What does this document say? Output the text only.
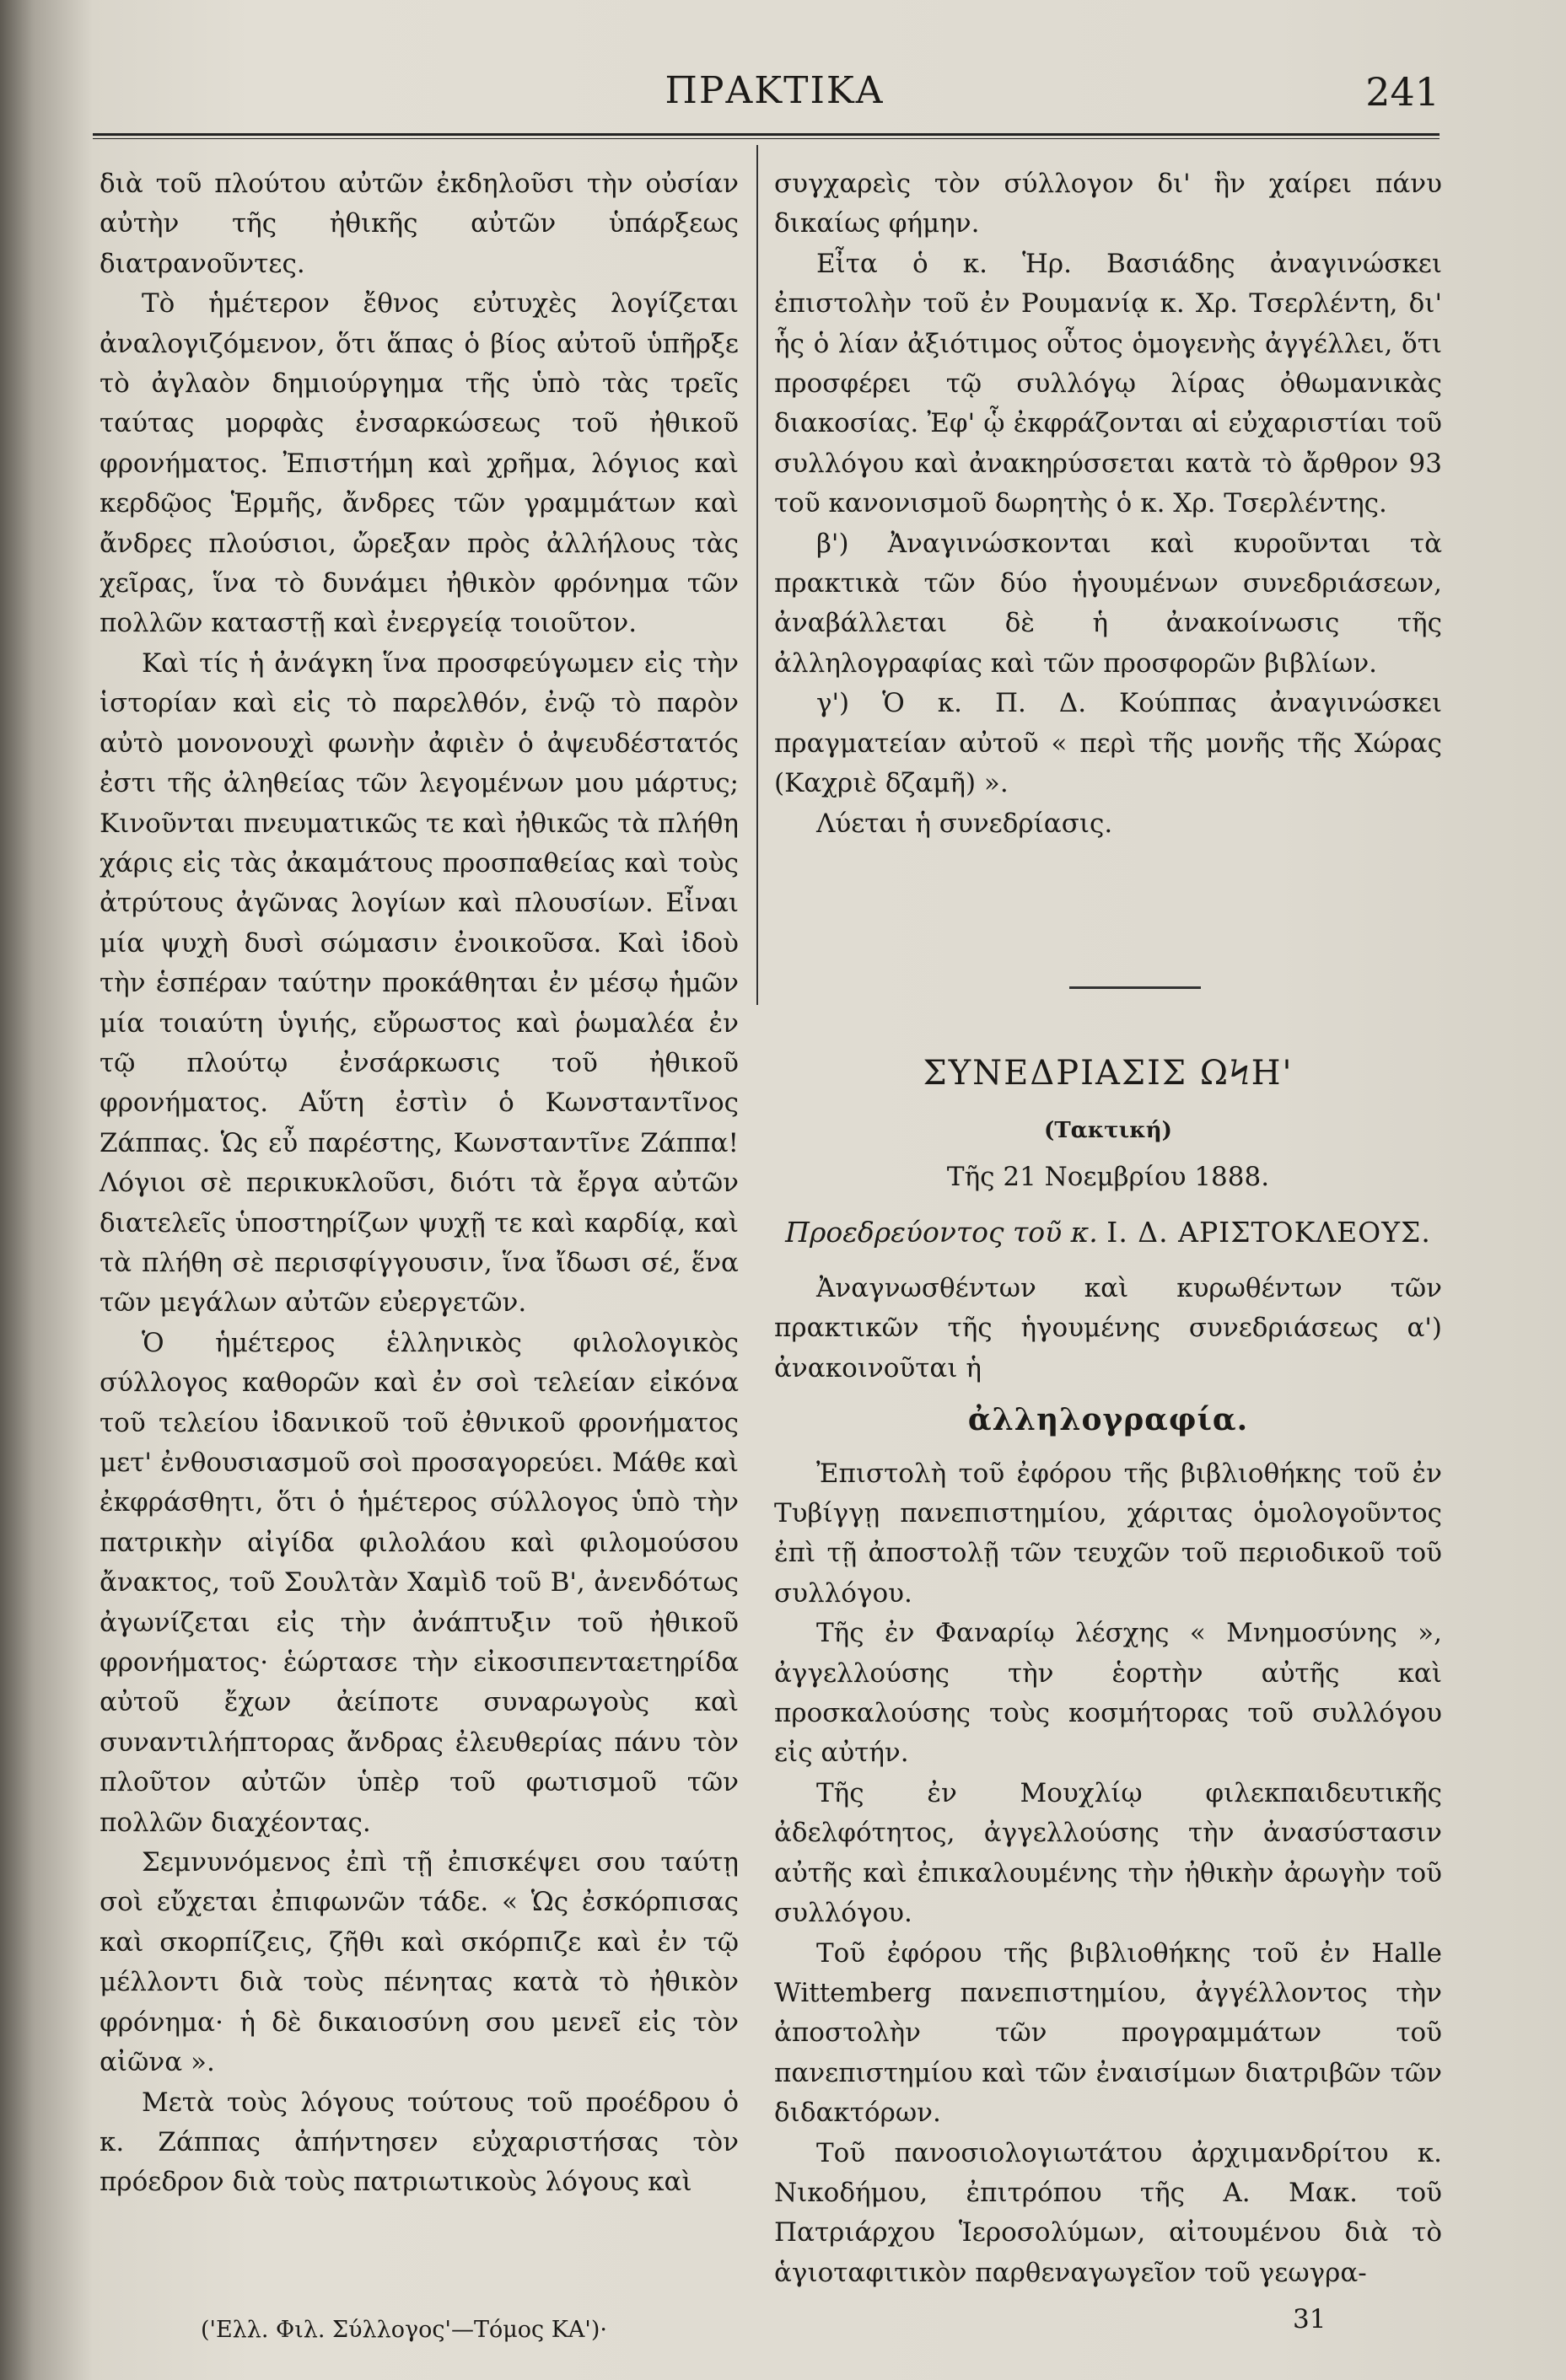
ΠΡΑΚΤΙΚΑ	241

διὰ τοῦ πλούτου αὐτῶν ἐκδηλοῦσι τὴν οὐσίαν αὐτὴν τῆς ἠθικῆς αὐτῶν ὑπάρξεως διατρανοῦντες.

Τὸ ἡμέτερον ἔθνος εὐτυχὲς λογίζεται ἀναλογιζόμενον, ὅτι ἅπας ὁ βίος αὐτοῦ ὑπῆρξε τὸ ἀγλαὸν δημιούργημα τῆς ὑπὸ τὰς τρεῖς ταύτας μορφὰς ἐνσαρκώσεως τοῦ ἠθικοῦ φρονήματος. Ἐπιστήμη καὶ χρῆμα, λόγιος καὶ κερδῷος Ἑρμῆς, ἄνδρες τῶν γραμμάτων καὶ ἄνδρες πλούσιοι, ὤρεξαν πρὸς ἀλλήλους τὰς χεῖρας, ἵνα τὸ δυνάμει ἠθικὸν φρόνημα τῶν πολλῶν καταστῇ καὶ ἐνεργείᾳ τοιοῦτον.

Καὶ τίς ἡ ἀνάγκη ἵνα προσφεύγωμεν εἰς τὴν ἱστορίαν καὶ εἰς τὸ παρελθόν, ἐνῷ τὸ παρὸν αὐτὸ μονονουχὶ φωνὴν ἀφιὲν ὁ ἀψευδέστατός ἐστι τῆς ἀληθείας τῶν λεγομένων μου μάρτυς; Κινοῦνται πνευματικῶς τε καὶ ἠθικῶς τὰ πλήθη χάρις εἰς τὰς ἀκαμάτους προσπαθείας καὶ τοὺς ἀτρύτους ἀγῶνας λογίων καὶ πλουσίων. Εἶναι μία ψυχὴ δυσὶ σώμασιν ἐνοικοῦσα. Καὶ ἰδοὺ τὴν ἑσπέραν ταύτην προκάθηται ἐν μέσῳ ἡμῶν μία τοιαύτη ὑγιής, εὔρωστος καὶ ῥωμαλέα ἐν τῷ πλούτῳ ἐνσάρκωσις τοῦ ἠθικοῦ φρονήματος. Αὕτη ἐστὶν ὁ Κωνσταντῖνος Ζάππας. Ὡς εὖ παρέστης, Κωνσταντῖνε Ζάππα! Λόγιοι σὲ περικυκλοῦσι, διότι τὰ ἔργα αὐτῶν διατελεῖς ὑποστηρίζων ψυχῇ τε καὶ καρδίᾳ, καὶ τὰ πλήθη σὲ περισφίγγουσιν, ἵνα ἴδωσι σέ, ἕνα τῶν μεγάλων αὐτῶν εὐεργετῶν.

Ὁ ἡμέτερος ἑλληνικὸς φιλολογικὸς σύλλογος καθορῶν καὶ ἐν σοὶ τελείαν εἰκόνα τοῦ τελείου ἰδανικοῦ τοῦ ἐθνικοῦ φρονήματος μετ' ἐνθουσιασμοῦ σοὶ προσαγορεύει. Μάθε καὶ ἐκφράσθητι, ὅτι ὁ ἡμέτερος σύλλογος ὑπὸ τὴν πατρικὴν αἰγίδα φιλολάου καὶ φιλομούσου ἄνακτος, τοῦ Σουλτὰν Χαμὶδ τοῦ Β', ἀνενδότως ἀγωνίζεται εἰς τὴν ἀνάπτυξιν τοῦ ἠθικοῦ φρονήματος· ἑώρτασε τὴν εἰκοσιπενταετηρίδα αὐτοῦ ἔχων ἀείποτε συναρωγοὺς καὶ συναντιλήπτορας ἄνδρας ἐλευθερίας πάνυ τὸν πλοῦτον αὐτῶν ὑπὲρ τοῦ φωτισμοῦ τῶν πολλῶν διαχέοντας.

Σεμνυνόμενος ἐπὶ τῇ ἐπισκέψει σου ταύτῃ σοὶ εὔχεται ἐπιφωνῶν τάδε. « Ὡς ἐσκόρπισας καὶ σκορπίζεις, ζῆθι καὶ σκόρπιζε καὶ ἐν τῷ μέλλοντι διὰ τοὺς πένητας κατὰ τὸ ἠθικὸν φρόνημα· ἡ δὲ δικαιοσύνη σου μενεῖ εἰς τὸν αἰῶνα ».

Μετὰ τοὺς λόγους τούτους τοῦ προέδρου ὁ κ. Ζάππας ἀπήντησεν εὐχαριστήσας τὸν πρόεδρον διὰ τοὺς πατριωτικοὺς λόγους καὶ

συγχαρεὶς τὸν σύλλογον δι' ἣν χαίρει πάνυ δικαίως φήμην.

Εἶτα ὁ κ. Ἡρ. Βασιάδης ἀναγινώσκει ἐπιστολὴν τοῦ ἐν Ρουμανίᾳ κ. Χρ. Τσερλέντη, δι' ἧς ὁ λίαν ἀξιότιμος οὗτος ὁμογενὴς ἀγγέλλει, ὅτι προσφέρει τῷ συλλόγῳ λίρας ὀθωμανικὰς διακοσίας. Ἐφ' ᾧ ἐκφράζονται αἱ εὐχαριστίαι τοῦ συλλόγου καὶ ἀνακηρύσσεται κατὰ τὸ ἄρθρον 93 τοῦ κανονισμοῦ δωρητὴς ὁ κ. Χρ. Τσερλέντης.

β') Ἀναγινώσκονται καὶ κυροῦνται τὰ πρακτικὰ τῶν δύο ἡγουμένων συνεδριάσεων, ἀναβάλλεται δὲ ἡ ἀνακοίνωσις τῆς ἀλληλογραφίας καὶ τῶν προσφορῶν βιβλίων.

γ') Ὁ κ. Π. Δ. Κούππας ἀναγινώσκει πραγματείαν αὐτοῦ « περὶ τῆς μονῆς τῆς Χώρας (Καχριὲ δζαμῆ) ».

Λύεται ἡ συνεδρίασις.

ΣΥΝΕΔΡΙΑΣΙΣ ΩϞΗ'
(Τακτική)
Τῆς 21 Νοεμβρίου 1888.
Προεδρεύοντος τοῦ κ. Ι. Δ. ΑΡΙΣΤΟΚΛΕΟΥΣ.

Ἀναγνωσθέντων καὶ κυρωθέντων τῶν πρακτικῶν τῆς ἡγουμένης συνεδριάσεως α') ἀνακοινοῦται ἡ

ἀλληλογραφία.

Ἐπιστολὴ τοῦ ἐφόρου τῆς βιβλιοθήκης τοῦ ἐν Τυβίγγῃ πανεπιστημίου, χάριτας ὁμολογοῦντος ἐπὶ τῇ ἀποστολῇ τῶν τευχῶν τοῦ περιοδικοῦ τοῦ συλλόγου.

Τῆς ἐν Φαναρίῳ λέσχης « Μνημοσύνης », ἀγγελλούσης τὴν ἑορτὴν αὐτῆς καὶ προσκαλούσης τοὺς κοσμήτορας τοῦ συλλόγου εἰς αὐτήν.

Τῆς ἐν Μουχλίῳ φιλεκπαιδευτικῆς ἀδελφότητος, ἀγγελλούσης τὴν ἀνασύστασιν αὐτῆς καὶ ἐπικαλουμένης τὴν ἠθικὴν ἀρωγὴν τοῦ συλλόγου.

Τοῦ ἐφόρου τῆς βιβλιοθήκης τοῦ ἐν Halle Wittemberg πανεπιστημίου, ἀγγέλλοντος τὴν ἀποστολὴν τῶν προγραμμάτων τοῦ πανεπιστημίου καὶ τῶν ἐναισίμων διατριβῶν τῶν διδακτόρων.

Τοῦ πανοσιολογιωτάτου ἀρχιμανδρίτου κ. Νικοδήμου, ἐπιτρόπου τῆς Α. Μακ. τοῦ Πατριάρχου Ἱεροσολύμων, αἰτουμένου διὰ τὸ ἁγιοταφιτικὸν παρθεναγωγεῖον τοῦ γεωγρα-

('Ελλ. Φιλ. Σύλλογος'—Τόμος ΚΑ')·	31
